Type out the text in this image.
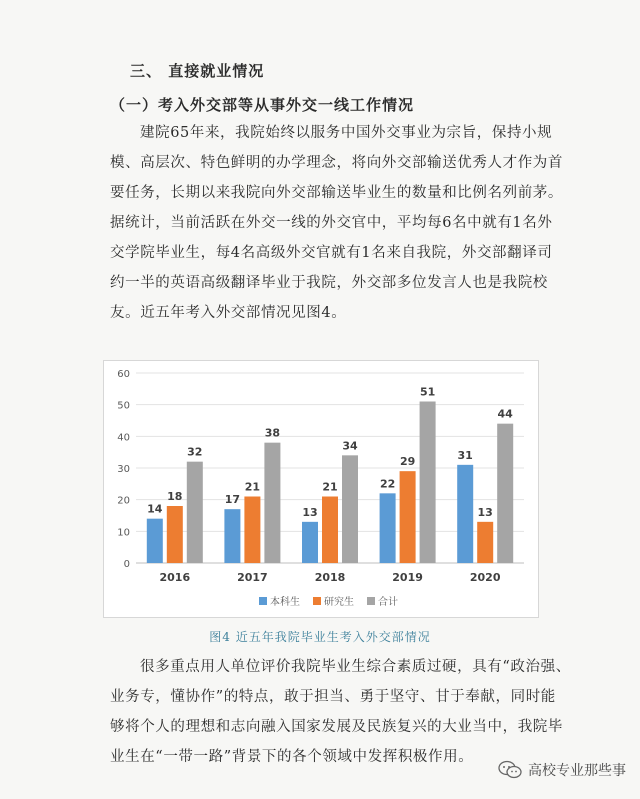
三、 直接就业情况
（一）考入外交部等从事外交一线工作情况
建院65年来，我院始终以服务中国外交事业为宗旨，保持小规
模、高层次、特色鲜明的办学理念，将向外交部输送优秀人才作为首
要任务，长期以来我院向外交部输送毕业生的数量和比例名列前茅。
据统计，当前活跃在外交一线的外交官中，平均每6名中就有1名外
交学院毕业生，每4名高级外交官就有1名来自我院，外交部翻译司
约一半的英语高级翻译毕业于我院，外交部多位发言人也是我院校
友。近五年考入外交部情况见图4。
0
10
20
30
40
50
60
14
18
32
2016
17
21
38
2017
13
21
34
2018
22
29
51
2019
31
13
44
2020
本科生 研究生 合计
图4 近五年我院毕业生考入外交部情况
很多重点用人单位评价我院毕业生综合素质过硬，具有“政治强、
业务专，懂协作”的特点，敢于担当、勇于坚守、甘于奉献，同时能
够将个人的理想和志向融入国家发展及民族复兴的大业当中，我院毕
业生在“一带一路”背景下的各个领域中发挥积极作用。
高校专业那些事
